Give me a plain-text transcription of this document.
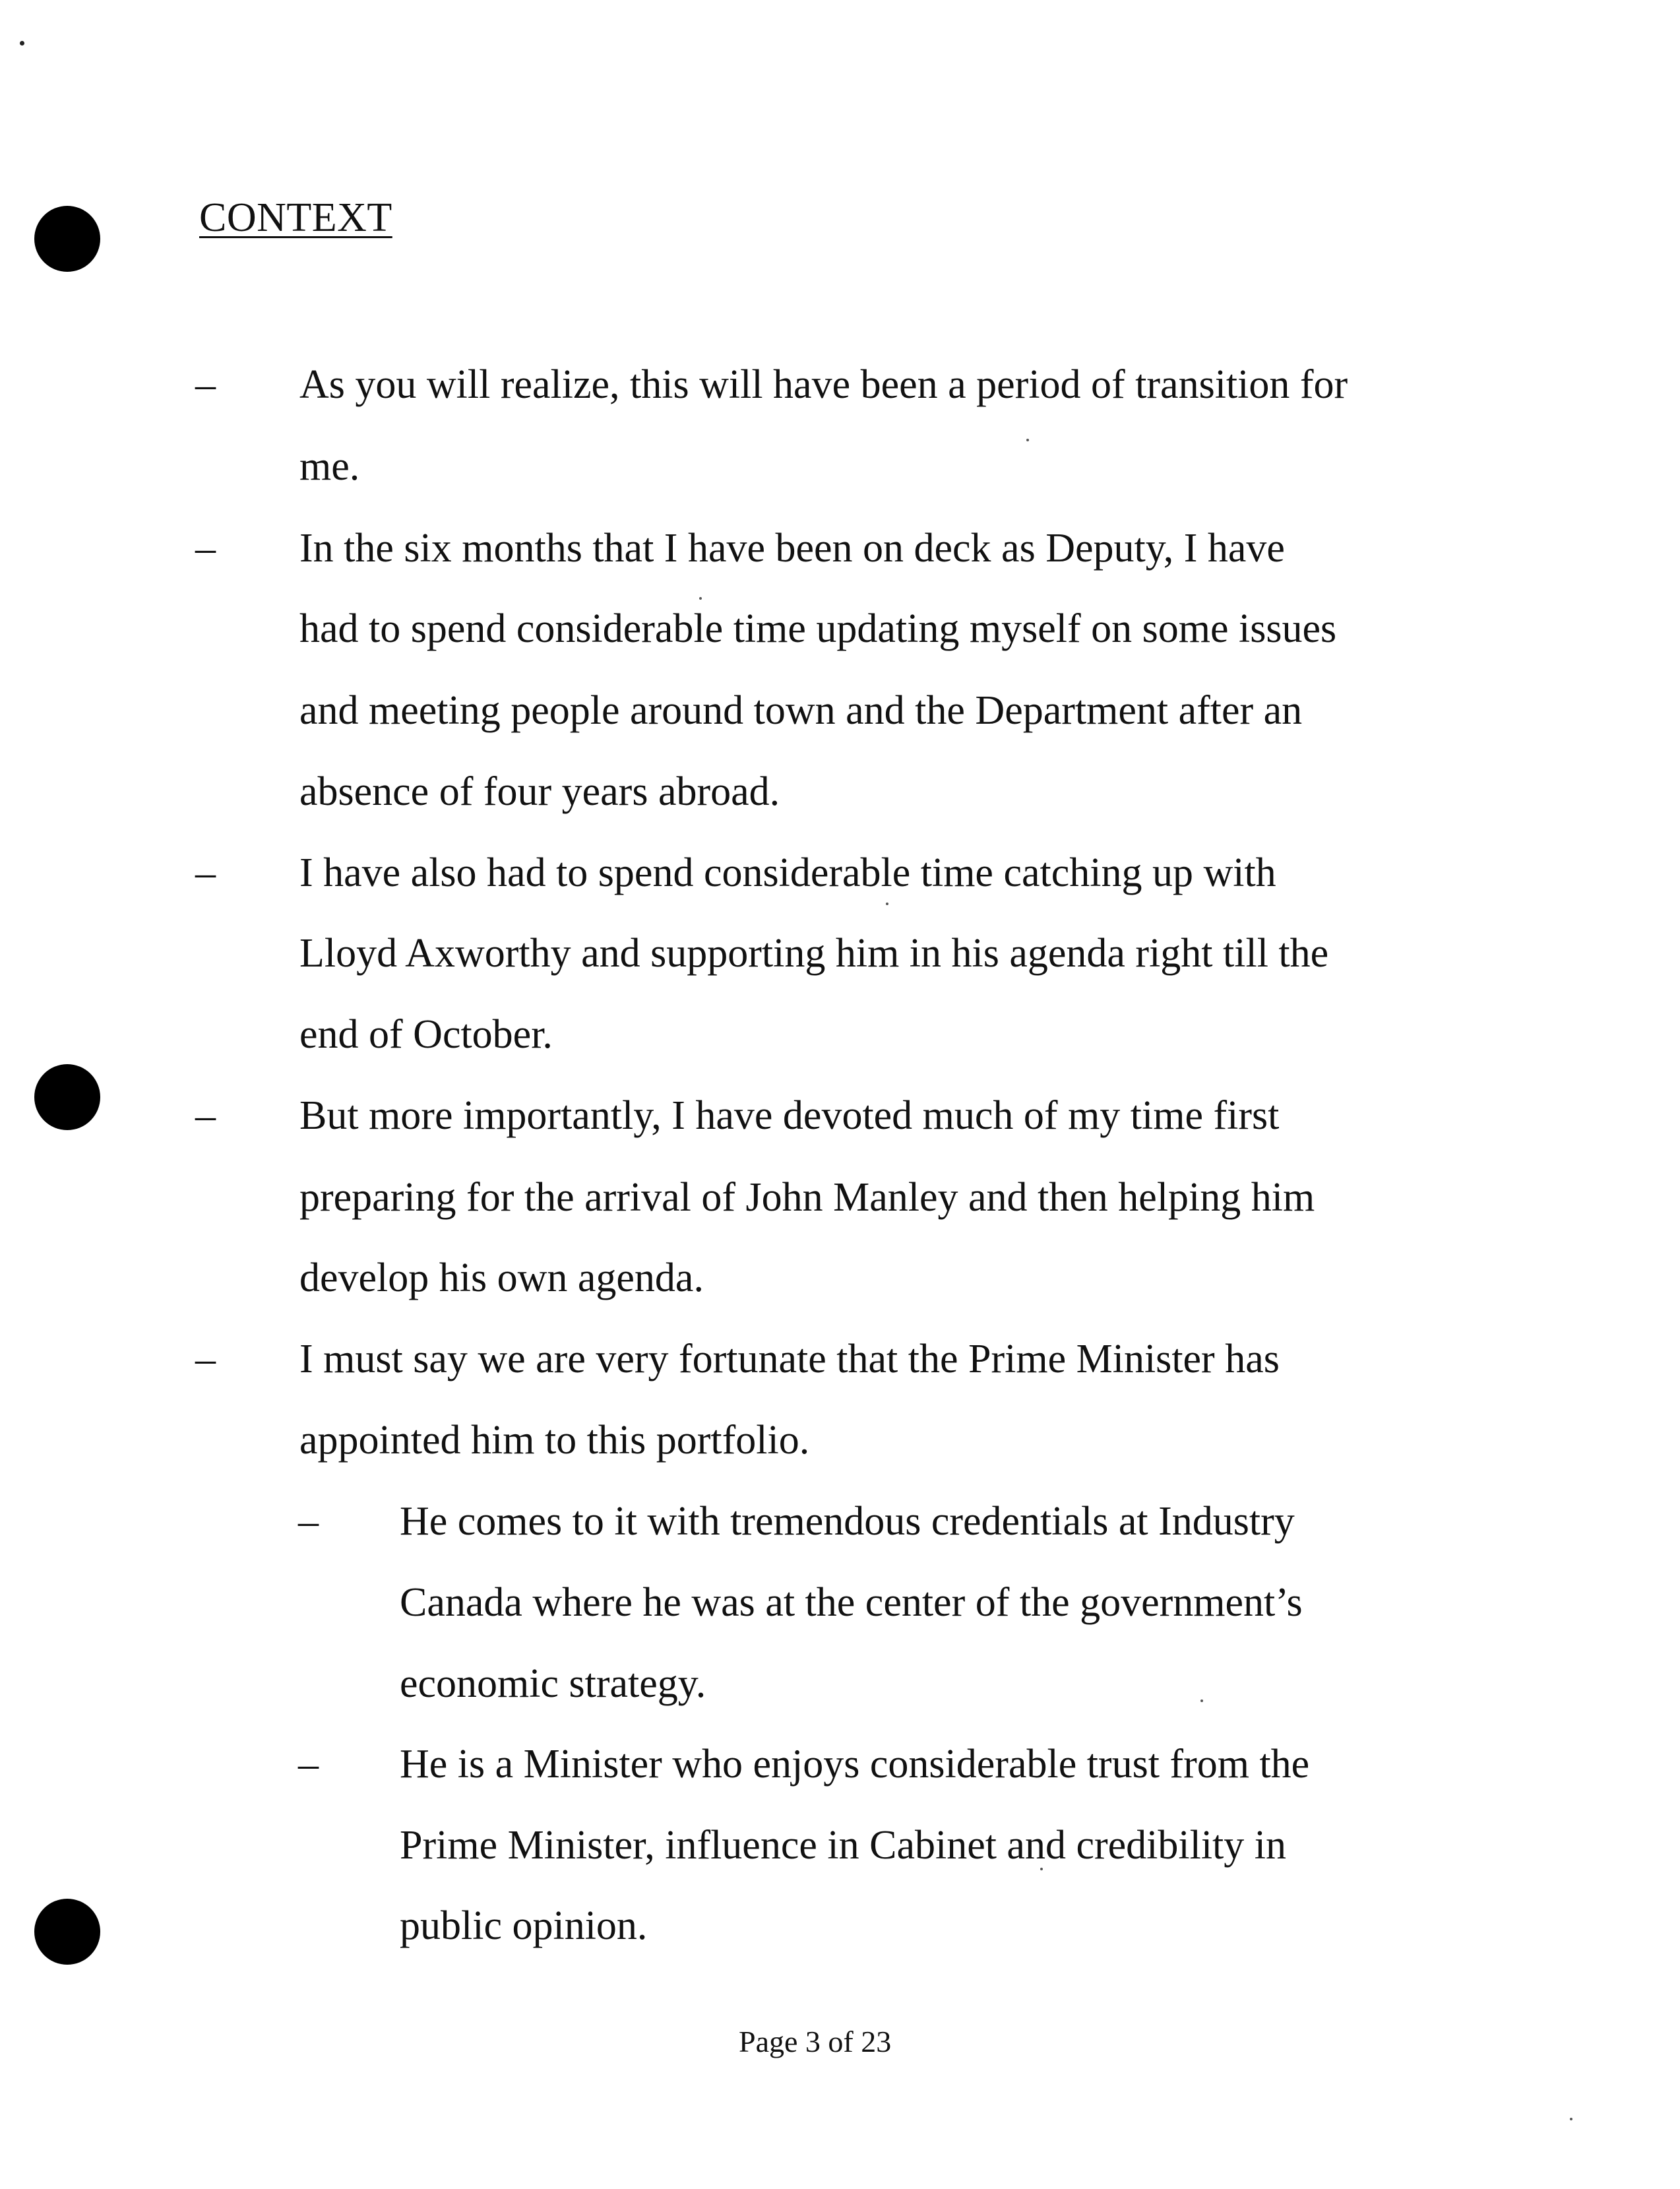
CONTEXT
– As you will realize, this will have been a period of transition for
me.
– In the six months that I have been on deck as Deputy, I have
had to spend considerable time updating myself on some issues
and meeting people around town and the Department after an
absence of four years abroad.
– I have also had to spend considerable time catching up with
Lloyd Axworthy and supporting him in his agenda right till the
end of October.
– But more importantly, I have devoted much of my time first
preparing for the arrival of John Manley and then helping him
develop his own agenda.
– I must say we are very fortunate that the Prime Minister has
appointed him to this portfolio.
– He comes to it with tremendous credentials at Industry
Canada where he was at the center of the government’s
economic strategy.
– He is a Minister who enjoys considerable trust from the
Prime Minister, influence in Cabinet and credibility in
public opinion.
Page 3 of 23
